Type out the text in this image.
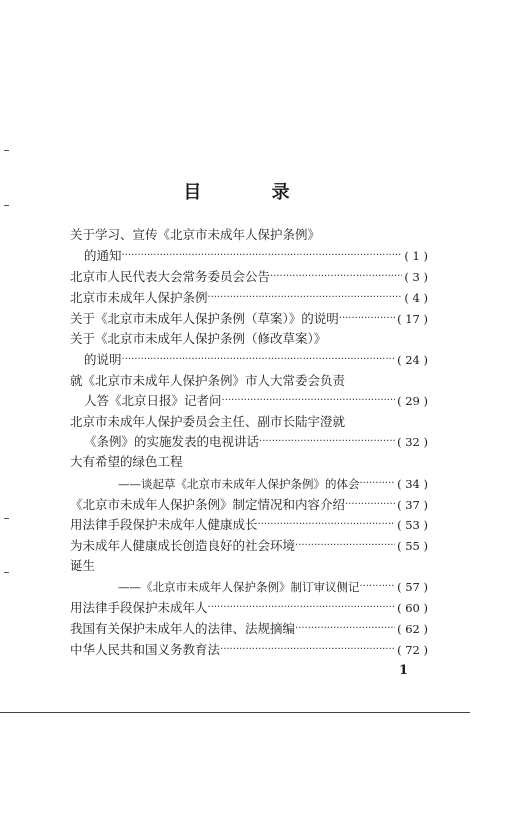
目 录
关于学习、宣传《北京市未成年人保护条例》
的通知 ·····	( 1 )
北京市人民代表大会常务委员会公告 ·····	( 3 )
北京市未成年人保护条例 ·····	( 4 )
关于《北京市未成年人保护条例（草案）》的说明 ·····	( 17 )
关于《北京市未成年人保护条例（修改草案）》
的说明 ·····	( 24 )
就《北京市未成年人保护条例》市人大常委会负责
人答《北京日报》记者问 ·····	( 29 )
北京市未成年人保护委员会主任、副市长陆宇澄就
《条例》的实施发表的电视讲话 ·····	( 32 )
大有希望的绿色工程
——谈起草《北京市未成年人保护条例》的体会 ·····	( 34 )
《北京市未成年人保护条例》制定情况和内容介绍 ·····	( 37 )
用法律手段保护未成年人健康成长 ·····	( 53 )
为未成年人健康成长创造良好的社会环境 ·····	( 55 )
诞生
——《北京市未成年人保护条例》制订审议侧记 ·····	( 57 )
用法律手段保护未成年人 ·····	( 60 )
我国有关保护未成年人的法律、法规摘编 ·····	( 62 )
中华人民共和国义务教育法 ·····	( 72 )
1
